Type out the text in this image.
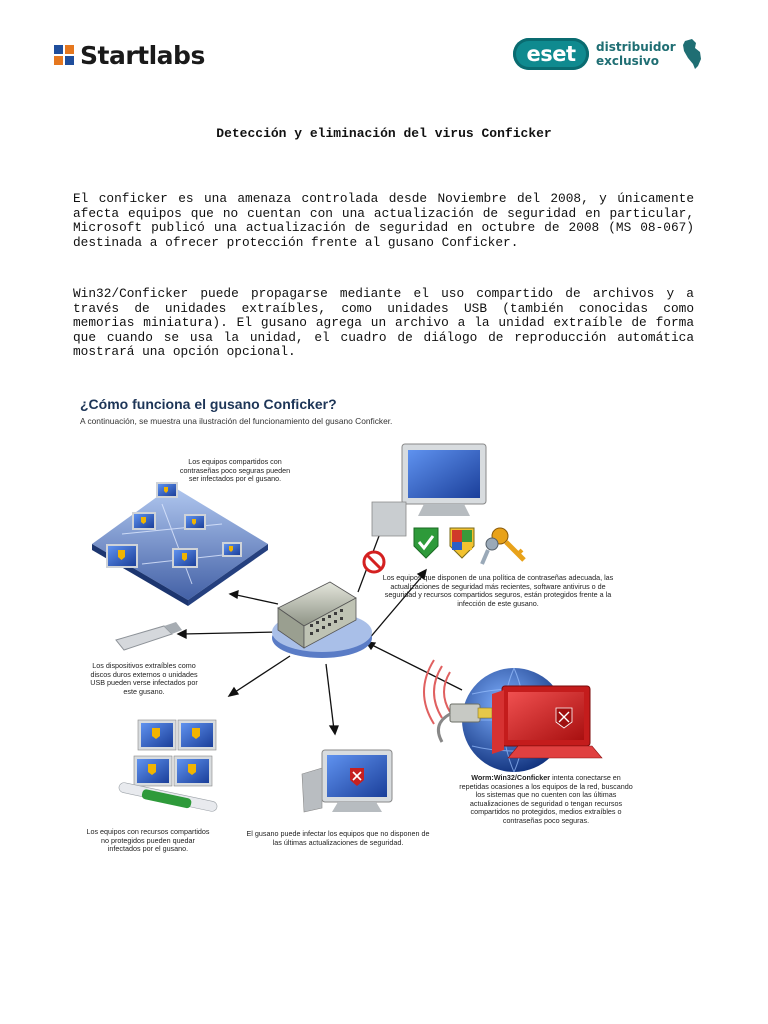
Startlabs	eset distribuidor
exclusivo
Detección y eliminación del virus Conficker

El conficker es una amenaza controlada desde Noviembre del 2008, y únicamente afecta equipos que no cuentan con una actualización de seguridad en particular, Microsoft publicó una actualización de seguridad en octubre de 2008 (MS 08-067) destinada a ofrecer protección frente al gusano Conficker.

Win32/Conficker puede propagarse mediante el uso compartido de archivos y a través de unidades extraíbles, como unidades USB (también conocidas como memorias miniatura). El gusano agrega un archivo a la unidad extraíble de forma que cuando se usa la unidad, el cuadro de diálogo de reproducción automática mostrará una opción opcional.

¿Cómo funciona el gusano Conficker?

A continuación, se muestra una ilustración del funcionamiento del gusano Conficker.

Los equipos compartidos con contraseñas poco seguras pueden ser infectados por el gusano.

Los equipos que disponen de una política de contraseñas adecuada, las actualizaciones de seguridad más recientes, software antivirus o de seguridad y recursos compartidos seguros, están protegidos frente a la infección de este gusano.

Los dispositivos extraíbles como discos duros externos o unidades USB pueden verse infectados por este gusano.

Los equipos con recursos compartidos no protegidos pueden quedar infectados por el gusano.

El gusano puede infectar los equipos que no disponen de las últimas actualizaciones de seguridad.

Worm:Win32/Conficker intenta conectarse en repetidas ocasiones a los equipos de la red, buscando los sistemas que no cuenten con las últimas actualizaciones de seguridad o tengan recursos compartidos no protegidos, medios extraíbles o contraseñas poco seguras.
